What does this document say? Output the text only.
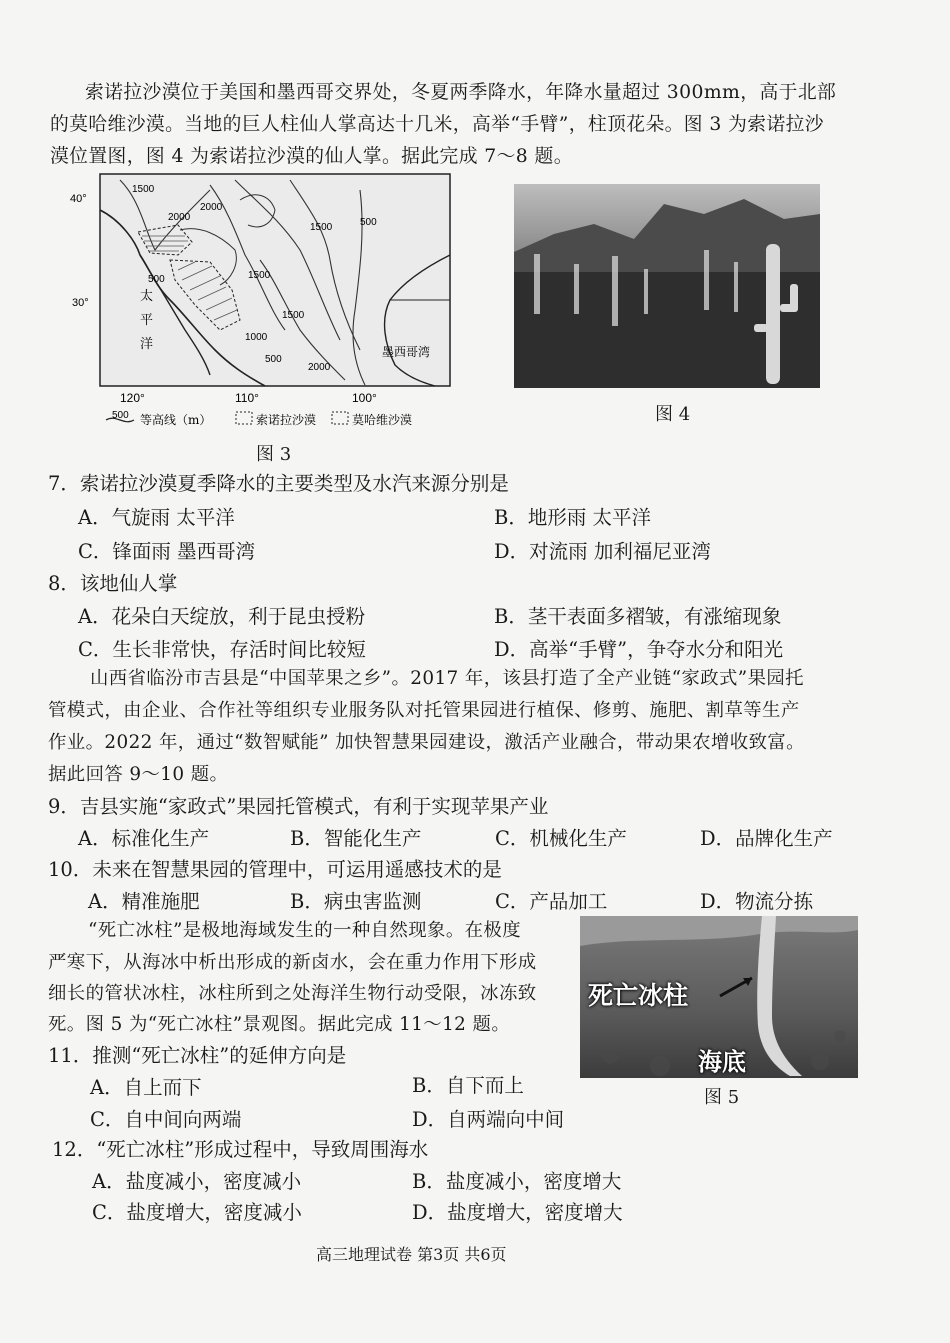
索诺拉沙漠位于美国和墨西哥交界处，冬夏两季降水，年降水量超过 300mm，高于北部
的莫哈维沙漠。当地的巨人柱仙人掌高达十几米，高举“手臂”，柱顶花朵。图 3 为索诺拉沙
漠位置图，图 4 为索诺拉沙漠的仙人掌。据此完成 7～8 题。
40°
30°
120°	110°	100°
1500
2000
2000
1500	500
500	1500
1500
1000
500
2000
太
平
洋	墨西哥湾
500 等高线（m）	索诺拉沙漠	莫哈维沙漠
图 3
图 4
7．索诺拉沙漠夏季降水的主要类型及水汽来源分别是
A．气旋雨 太平洋	B．地形雨 太平洋
C．锋面雨 墨西哥湾	D．对流雨 加利福尼亚湾
8．该地仙人掌
A．花朵白天绽放，利于昆虫授粉	B．茎干表面多褶皱，有涨缩现象
C．生长非常快，存活时间比较短	D．高举“手臂”，争夺水分和阳光
山西省临汾市吉县是“中国苹果之乡”。2017 年，该县打造了全产业链“家政式”果园托
管模式，由企业、合作社等组织专业服务队对托管果园进行植保、修剪、施肥、割草等生产
作业。2022 年，通过“数智赋能” 加快智慧果园建设，激活产业融合，带动果农增收致富。
据此回答 9～10 题。
9．吉县实施“家政式”果园托管模式，有利于实现苹果产业
A．标准化生产	B．智能化生产	C．机械化生产	D．品牌化生产
10．未来在智慧果园的管理中，可运用遥感技术的是
A．精准施肥	B．病虫害监测	C．产品加工	D．物流分拣
“死亡冰柱”是极地海域发生的一种自然现象。在极度
严寒下，从海冰中析出形成的新卤水，会在重力作用下形成
细长的管状冰柱，冰柱所到之处海洋生物行动受限，冰冻致
死。图 5 为“死亡冰柱”景观图。据此完成 11～12 题。
死亡冰柱
海底
图 5
11．推测“死亡冰柱”的延伸方向是
A．自上而下	B．自下而上
C．自中间向两端	D．自两端向中间
12．“死亡冰柱”形成过程中，导致周围海水
A．盐度减小，密度减小	B．盐度减小，密度增大
C．盐度增大，密度减小	D．盐度增大，密度增大
高三地理试卷 第3页 共6页
